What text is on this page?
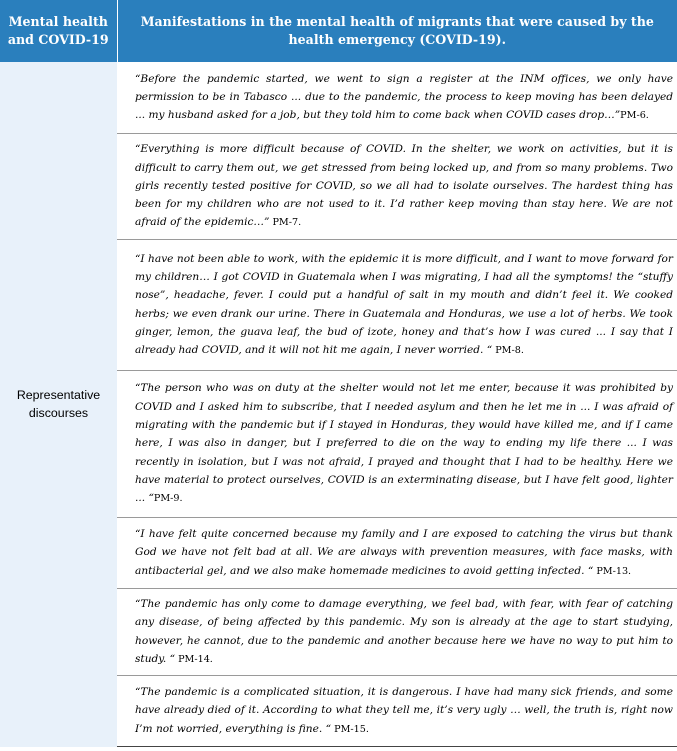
Mental health and COVID-19	Manifestations in the mental health of migrants that were caused by the health emergency (COVID-19).
Representative discourses	“Before the pandemic started, we went to sign a register at the INM offices, we only have permission to be in Tabasco ... due to the pandemic, the process to keep moving has been delayed ... my husband asked for a job, but they told him to come back when COVID cases drop…”PM-6.
	“Everything is more difficult because of COVID. In the shelter, we work on activities, but it is difficult to carry them out, we get stressed from being locked up, and from so many problems. Two girls recently tested positive for COVID, so we all had to isolate ourselves. The hardest thing has been for my children who are not used to it. I’d rather keep moving than stay here. We are not afraid of the epidemic…” PM-7.
	“I have not been able to work, with the epidemic it is more difficult, and I want to move forward for my children… I got COVID in Guatemala when I was migrating, I had all the symptoms! the “stuffy nose”, headache, fever. I could put a handful of salt in my mouth and didn’t feel it. We cooked herbs; we even drank our urine. There in Guatemala and Honduras, we use a lot of herbs. We took ginger, lemon, the guava leaf, the bud of izote, honey and that’s how I was cured ... I say that I already had COVID, and it will not hit me again, I never worried. “ PM-8.
	“The person who was on duty at the shelter would not let me enter, because it was prohibited by COVID and I asked him to subscribe, that I needed asylum and then he let me in ... I was afraid of migrating with the pandemic but if I stayed in Honduras, they would have killed me, and if I came here, I was also in danger, but I preferred to die on the way to ending my life there ... I was recently in isolation, but I was not afraid, I prayed and thought that I had to be healthy. Here we have material to protect ourselves, COVID is an exterminating disease, but I have felt good, lighter ... “PM-9.
	“I have felt quite concerned because my family and I are exposed to catching the virus but thank God we have not felt bad at all. We are always with prevention measures, with face masks, with antibacterial gel, and we also make homemade medicines to avoid getting infected. “ PM-13.
	“The pandemic has only come to damage everything, we feel bad, with fear, with fear of catching any disease, of being affected by this pandemic. My son is already at the age to start studying, however, he cannot, due to the pandemic and another because here we have no way to put him to study. “ PM-14.
	“The pandemic is a complicated situation, it is dangerous. I have had many sick friends, and some have already died of it. According to what they tell me, it’s very ugly … well, the truth is, right now I’m not worried, everything is fine. “ PM-15.
